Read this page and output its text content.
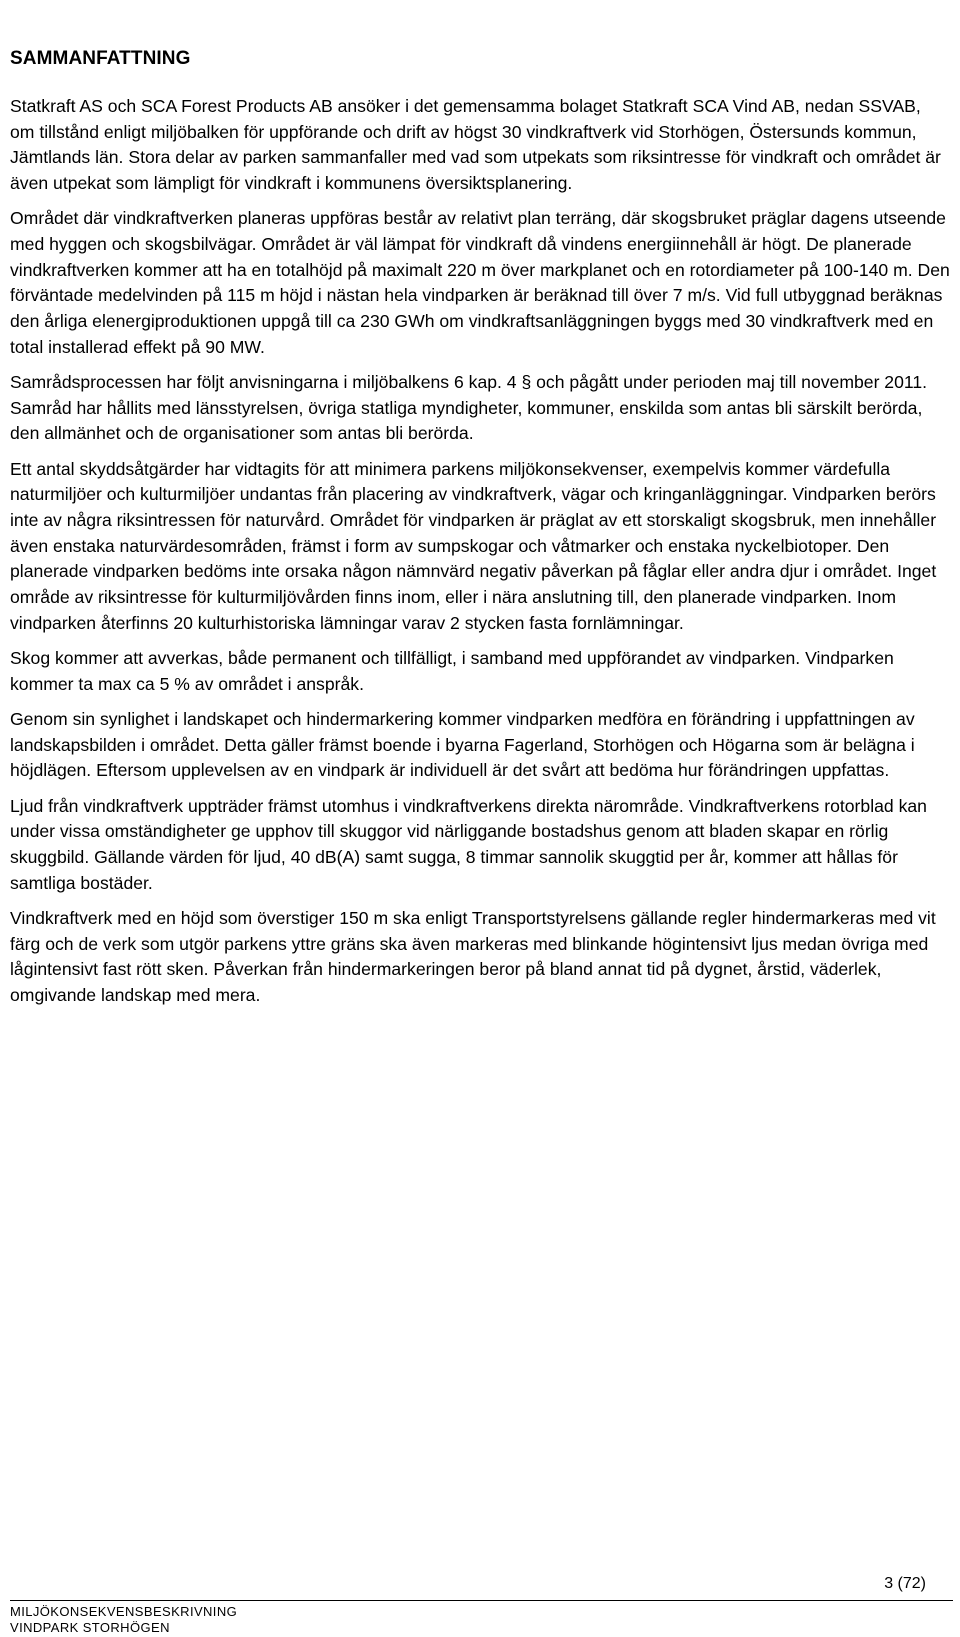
SAMMANFATTNING

Statkraft AS och SCA Forest Products AB ansöker i det gemensamma bolaget Statkraft SCA Vind AB, nedan SSVAB, om tillstånd enligt miljöbalken för uppförande och drift av högst 30 vindkraftverk vid Storhögen, Östersunds kommun, Jämtlands län. Stora delar av parken sammanfaller med vad som utpekats som riksintresse för vindkraft och området är även utpekat som lämpligt för vindkraft i kommunens översiktsplanering.

Området där vindkraftverken planeras uppföras består av relativt plan terräng, där skogsbruket präglar dagens utseende med hyggen och skogsbilvägar. Området är väl lämpat för vindkraft då vindens energiinnehåll är högt. De planerade vindkraftverken kommer att ha en totalhöjd på maximalt 220 m över markplanet och en rotordiameter på 100-140 m. Den förväntade medelvinden på 115 m höjd i nästan hela vindparken är beräknad till över 7 m/s. Vid full utbyggnad beräknas den årliga elenergiproduktionen uppgå till ca 230 GWh om vindkraftsanläggningen byggs med 30 vindkraftverk med en total installerad effekt på 90 MW.

Samrådsprocessen har följt anvisningarna i miljöbalkens 6 kap. 4 § och pågått under perioden maj till november 2011. Samråd har hållits med länsstyrelsen, övriga statliga myndigheter, kommuner, enskilda som antas bli särskilt berörda, den allmänhet och de organisationer som antas bli berörda.

Ett antal skyddsåtgärder har vidtagits för att minimera parkens miljökonsekvenser, exempelvis kommer värdefulla naturmiljöer och kulturmiljöer undantas från placering av vindkraftverk, vägar och kringanläggningar. Vindparken berörs inte av några riksintressen för naturvård. Området för vindparken är präglat av ett storskaligt skogsbruk, men innehåller även enstaka naturvärdesområden, främst i form av sumpskogar och våtmarker och enstaka nyckelbiotoper. Den planerade vindparken bedöms inte orsaka någon nämnvärd negativ påverkan på fåglar eller andra djur i området. Inget område av riksintresse för kulturmiljövården finns inom, eller i nära anslutning till, den planerade vindparken. Inom vindparken återfinns 20 kulturhistoriska lämningar varav 2 stycken fasta fornlämningar.

Skog kommer att avverkas, både permanent och tillfälligt, i samband med uppförandet av vindparken. Vindparken kommer ta max ca 5 % av området i anspråk.

Genom sin synlighet i landskapet och hindermarkering kommer vindparken medföra en förändring i uppfattningen av landskapsbilden i området. Detta gäller främst boende i byarna Fagerland, Storhögen och Högarna som är belägna i höjdlägen. Eftersom upplevelsen av en vindpark är individuell är det svårt att bedöma hur förändringen uppfattas.

Ljud från vindkraftverk uppträder främst utomhus i vindkraftverkens direkta närområde. Vindkraftverkens rotorblad kan under vissa omständigheter ge upphov till skuggor vid närliggande bostadshus genom att bladen skapar en rörlig skuggbild. Gällande värden för ljud, 40 dB(A) samt sugga, 8 timmar sannolik skuggtid per år, kommer att hållas för samtliga bostäder.

Vindkraftverk med en höjd som överstiger 150 m ska enligt Transportstyrelsens gällande regler hindermarkeras med vit färg och de verk som utgör parkens yttre gräns ska även markeras med blinkande högintensivt ljus medan övriga med lågintensivt fast rött sken. Påverkan från hindermarkeringen beror på bland annat tid på dygnet, årstid, väderlek, omgivande landskap med mera.

3 (72)
MILJÖKONSEKVENSBESKRIVNING
VINDPARK STORHÖGEN
